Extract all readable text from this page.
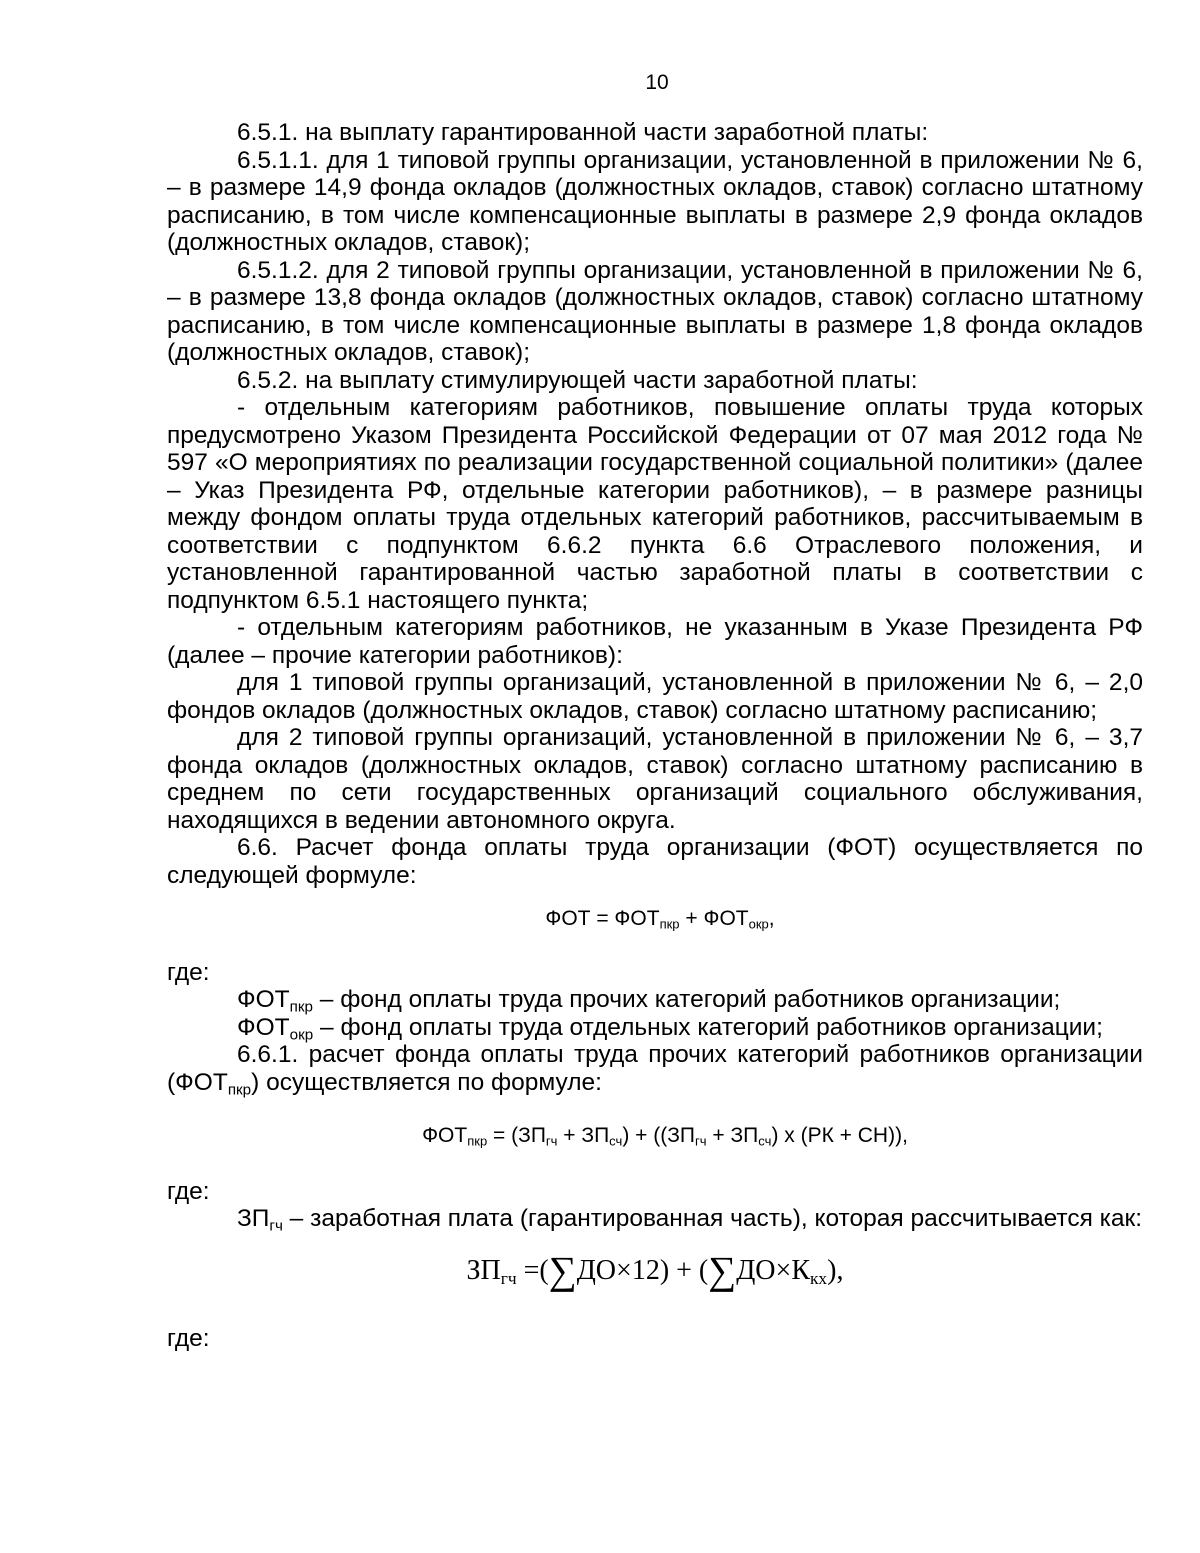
10

6.5.1. на выплату гарантированной части заработной платы:

6.5.1.1. для 1 типовой группы организации, установленной в приложении № 6, – в размере 14,9 фонда окладов (должностных окладов, ставок) согласно штатному расписанию, в том числе компенсационные выплаты в размере 2,9 фонда окладов (должностных окладов, ставок);

6.5.1.2. для 2 типовой группы организации, установленной в приложении № 6, – в размере 13,8 фонда окладов (должностных окладов, ставок) согласно штатному расписанию, в том числе компенсационные выплаты в размере 1,8 фонда окладов (должностных окладов, ставок);

6.5.2. на выплату стимулирующей части заработной платы:

- отдельным категориям работников, повышение оплаты труда которых предусмотрено Указом Президента Российской Федерации от 07 мая 2012 года № 597 «О мероприятиях по реализации государственной социальной политики» (далее – Указ Президента РФ, отдельные категории работников), – в размере разницы между фондом оплаты труда отдельных категорий работников, рассчитываемым в соответствии с подпунктом 6.6.2 пункта 6.6 Отраслевого положения, и установленной гарантированной частью заработной платы в соответствии с подпунктом 6.5.1 настоящего пункта;

- отдельным категориям работников, не указанным в Указе Президента РФ (далее – прочие категории работников):

для 1 типовой группы организаций, установленной в приложении № 6, – 2,0 фондов окладов (должностных окладов, ставок) согласно штатному расписанию;

для 2 типовой группы организаций, установленной в приложении № 6, – 3,7 фонда окладов (должностных окладов, ставок) согласно штатному расписанию в среднем по сети государственных организаций социального обслуживания, находящихся в ведении автономного округа.

6.6. Расчет фонда оплаты труда организации (ФОТ) осуществляется по следующей формуле:

ФОТ = $ФОТ_{пкр} + ФОТ_{окр}$,

где:

$ФОТ_{пкр}$ – фонд оплаты труда прочих категорий работников организации;

$ФОТ_{окр}$ – фонд оплаты труда отдельных категорий работников организации;

6.6.1. расчет фонда оплаты труда прочих категорий работников организации $(ФОТ_{пкр})$ осуществляется по формуле:

$ФОТ_{пкр} = (ЗП_{гч} + ЗП_{сч}) + ((ЗП_{гч} + ЗП_{сч})$ х (РК + СН)),

где:

$ЗП_{гч}$ – заработная плата (гарантированная часть), которая рассчитывается как:

$ЗП_{гч} =(\sum ДО\times 12) + (\sum ДО\times К_{кх})$,

где:
